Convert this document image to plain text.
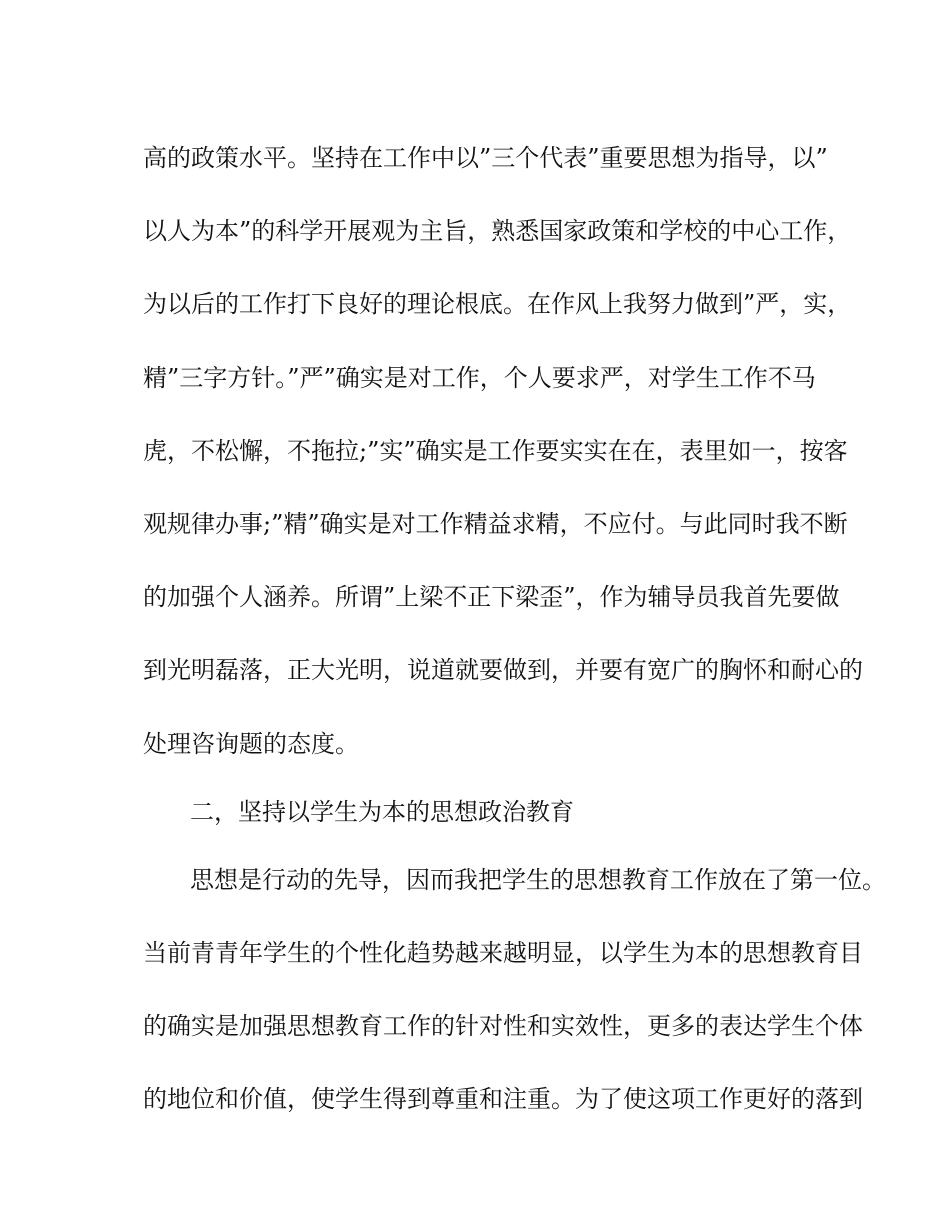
高的政策水平。坚持在工作中以”三个代表”重要思想为指导，以”
以人为本”的科学开展观为主旨，熟悉国家政策和学校的中心工作，
为以后的工作打下良好的理论根底。在作风上我努力做到”严，实，
精”三字方针。”严”确实是对工作，个人要求严，对学生工作不马
虎，不松懈，不拖拉;”实”确实是工作要实实在在，表里如一，按客
观规律办事;”精”确实是对工作精益求精，不应付。与此同时我不断
的加强个人涵养。所谓”上梁不正下梁歪”，作为辅导员我首先要做
到光明磊落，正大光明，说道就要做到，并要有宽广的胸怀和耐心的
处理咨询题的态度。
二，坚持以学生为本的思想政治教育
思想是行动的先导，因而我把学生的思想教育工作放在了第一位。
当前青青年学生的个性化趋势越来越明显，以学生为本的思想教育目
的确实是加强思想教育工作的针对性和实效性，更多的表达学生个体
的地位和价值，使学生得到尊重和注重。为了使这项工作更好的落到
